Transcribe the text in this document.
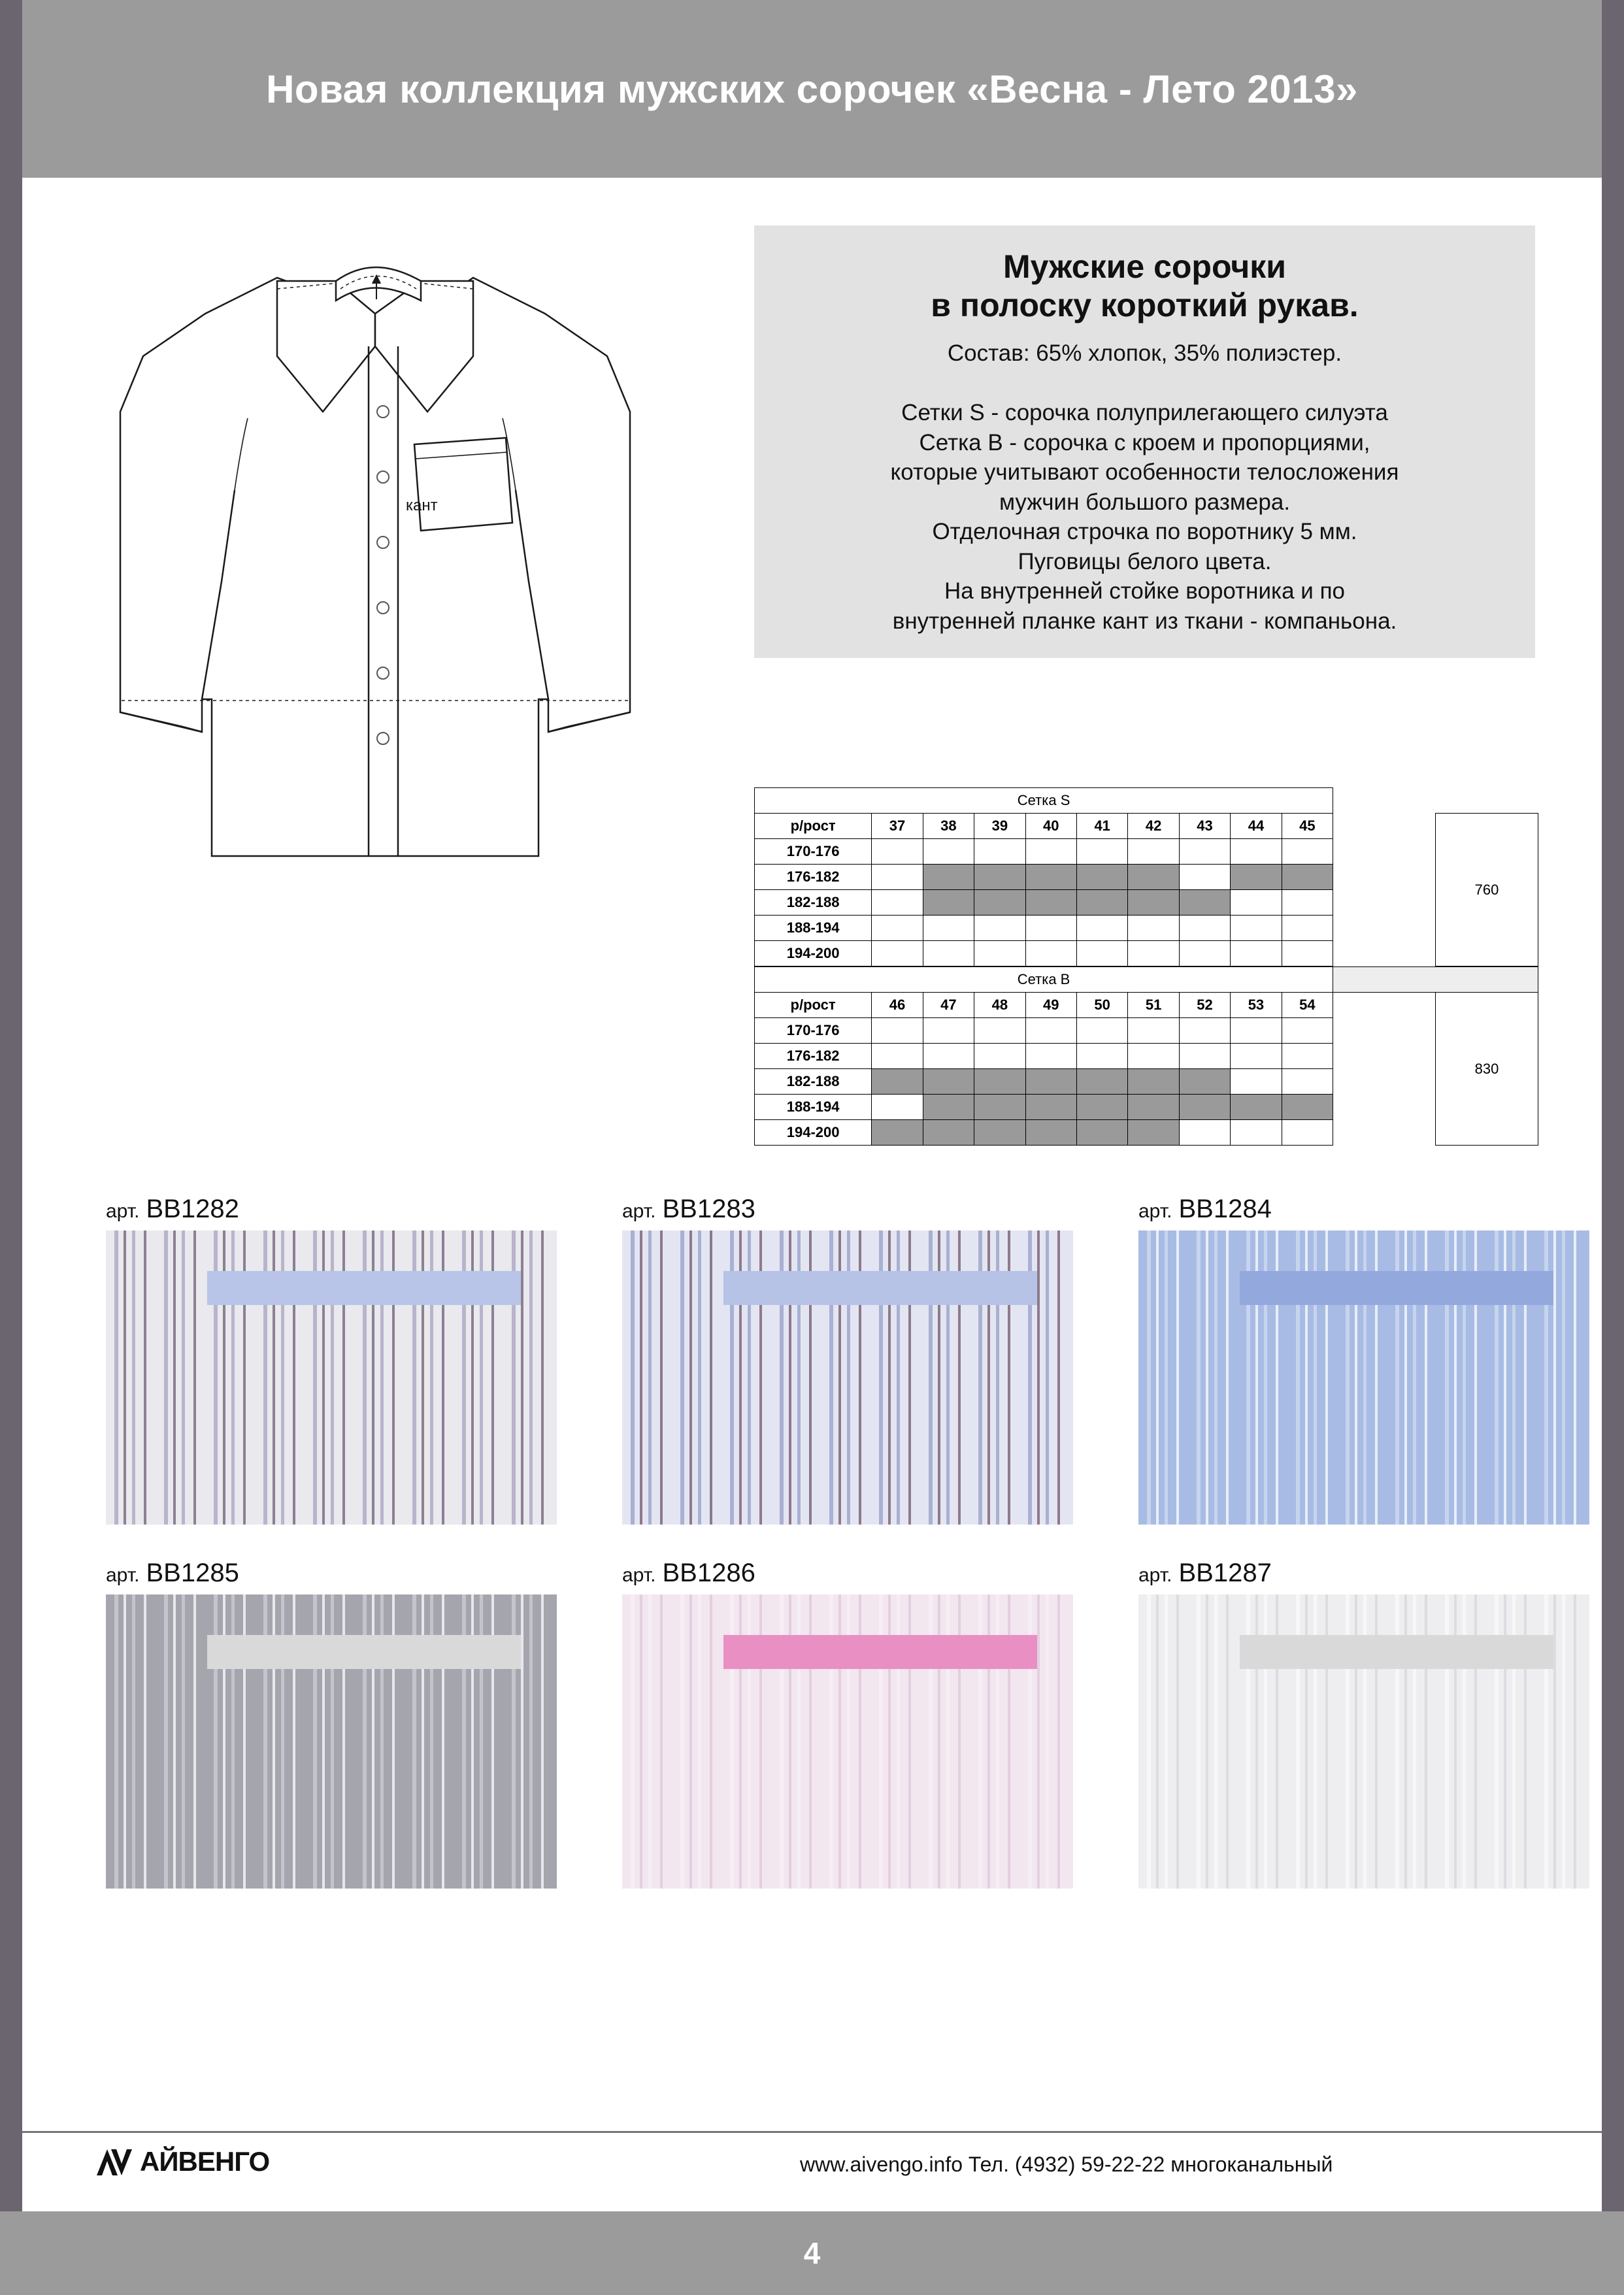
Новая коллекция мужских сорочек «Весна - Лето 2013»
кант
Мужские сорочки
в полоску короткий рукав.
Состав: 65% хлопок, 35% полиэстер.
Сетки S - сорочка полуприлегающего силуэта
Сетка B - сорочка с кроем и пропорциями,
которые учитывают особенности телосложения
мужчин большого размера.
Отделочная строчка по воротнику 5 мм.
Пуговицы белого цвета.
На внутренней стойке воротника и по
внутренней планке кант из ткани - компаньона.
Сетка S												
р/рост	37	38	39	40	41	42	43	44	45			760
170-176												
176-182												
182-188												
188-194												
194-200												
Сетка B												
р/рост	46	47	48	49	50	51	52	53	54			830
170-176												
176-182												
182-188												
188-194												
194-200												
арт. BB1282	арт. BB1283	арт. BB1284
арт. BB1285	арт. BB1286	арт. BB1287
АЙВЕНГО	www.aivengo.info Тел. (4932) 59-22-22 многоканальный
4
